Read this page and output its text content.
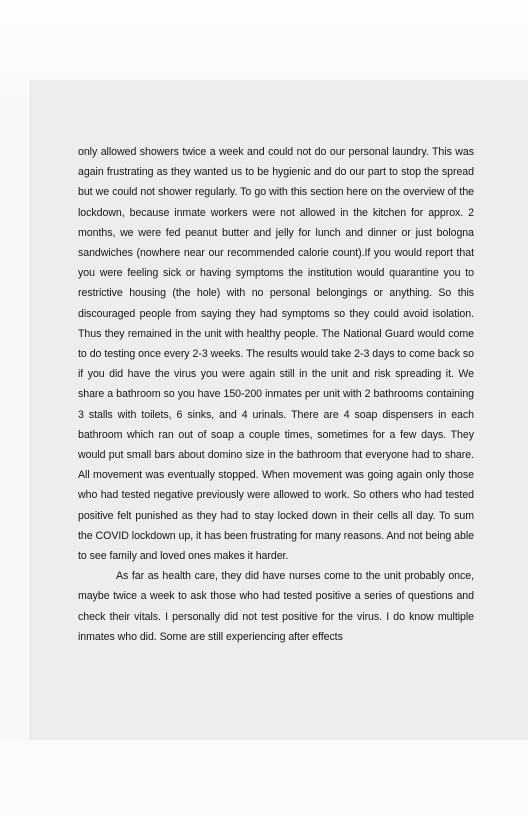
only allowed showers twice a week and could not do our personal laundry. This was again frustrating as they wanted us to be hygienic and do our part to stop the spread but we could not shower regularly. To go with this section here on the overview of the lockdown, because inmate workers were not allowed in the kitchen for approx. 2 months, we were fed peanut butter and jelly for lunch and dinner or just bologna sandwiches (nowhere near our recommended calorie count).If you would report that you were feeling sick or having symptoms the institution would quarantine you to restrictive housing (the hole) with no personal belongings or anything. So this discouraged people from saying they had symptoms so they could avoid isolation. Thus they remained in the unit with healthy people. The National Guard would come to do testing once every 2-3 weeks. The results would take 2-3 days to come back so if you did have the virus you were again still in the unit and risk spreading it. We share a bathroom so you have 150-200 inmates per unit with 2 bathrooms containing 3 stalls with toilets, 6 sinks, and 4 urinals. There are 4 soap dispensers in each bathroom which ran out of soap a couple times, sometimes for a few days. They would put small bars about domino size in the bathroom that everyone had to share. All movement was eventually stopped. When movement was going again only those who had tested negative previously were allowed to work. So others who had tested positive felt punished as they had to stay locked down in their cells all day. To sum the COVID lockdown up, it has been frustrating for many reasons. And not being able to see family and loved ones makes it harder.

As far as health care, they did have nurses come to the unit probably once, maybe twice a week to ask those who had tested positive a series of questions and check their vitals. I personally did not test positive for the virus. I do know multiple inmates who did. Some are still experiencing after effects
